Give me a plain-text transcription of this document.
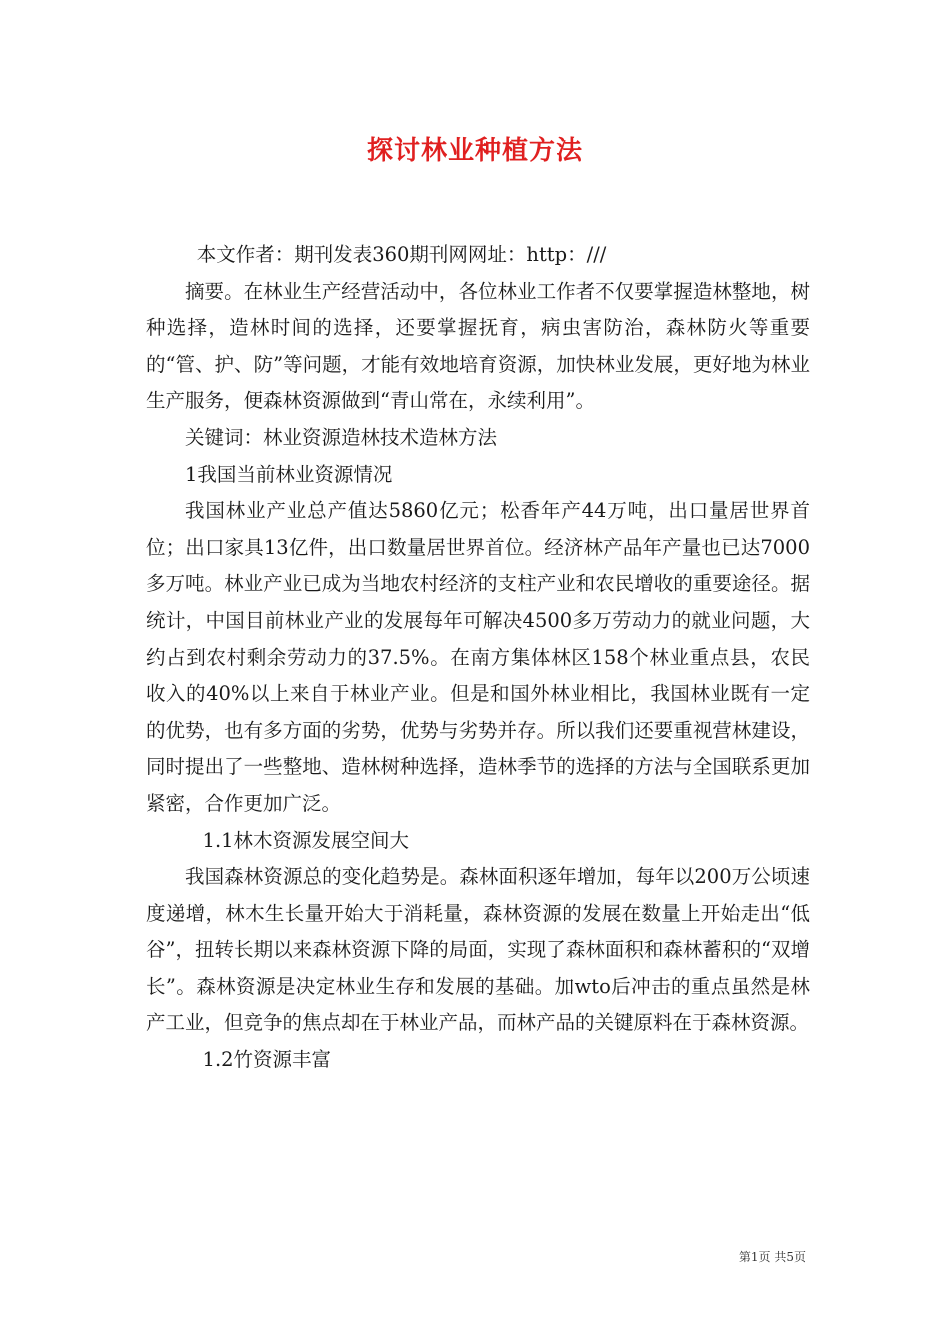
探讨林业种植方法

本文作者：期刊发表360期刊网网址：http：///

摘要。在林业生产经营活动中，各位林业工作者不仅要掌握造林整地，树种选择，造林时间的选择，还要掌握抚育，病虫害防治，森林防火等重要的“管、护、防”等问题，才能有效地培育资源，加快林业发展，更好地为林业生产服务，便森林资源做到“青山常在，永续利用”。

关键词：林业资源造林技术造林方法

1我国当前林业资源情况

我国林业产业总产值达5860亿元；松香年产44万吨，出口量居世界首位；出口家具13亿件，出口数量居世界首位。经济林产品年产量也已达7000多万吨。林业产业已成为当地农村经济的支柱产业和农民增收的重要途径。据统计，中国目前林业产业的发展每年可解决4500多万劳动力的就业问题，大约占到农村剩余劳动力的37.5%。在南方集体林区158个林业重点县，农民收入的40%以上来自于林业产业。但是和国外林业相比，我国林业既有一定的优势，也有多方面的劣势，优势与劣势并存。所以我们还要重视营林建设，同时提出了一些整地、造林树种选择，造林季节的选择的方法与全国联系更加紧密，合作更加广泛。

1.1林木资源发展空间大

我国森林资源总的变化趋势是。森林面积逐年增加，每年以200万公顷速度递增，林木生长量开始大于消耗量，森林资源的发展在数量上开始走出“低谷”，扭转长期以来森林资源下降的局面，实现了森林面积和森林蓄积的“双增长”。森林资源是决定林业生存和发展的基础。加wto后冲击的重点虽然是林产工业，但竞争的焦点却在于林业产品，而林产品的关键原料在于森林资源。

1.2竹资源丰富

第1页 共5页
